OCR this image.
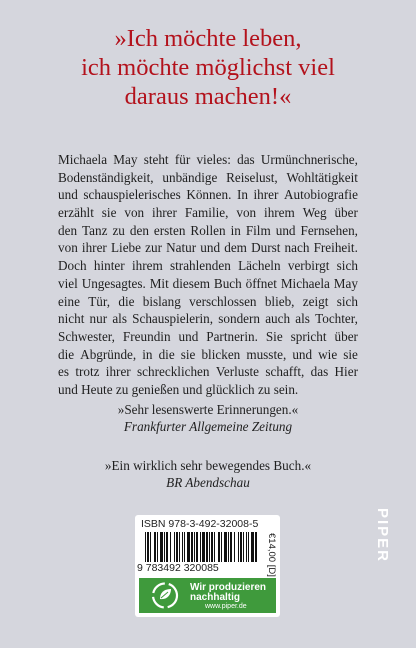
»Ich möchte leben,
ich möchte möglichst viel
daraus machen!«
Michaela May steht für vieles: das Urmünchnerische,
Bodenständigkeit, unbändige Reiselust, Wohltätigkeit
und schauspielerisches Können. In ihrer Autobiografie
erzählt sie von ihrer Familie, von ihrem Weg über
den Tanz zu den ersten Rollen in Film und Fernsehen,
von ihrer Liebe zur Natur und dem Durst nach Freiheit.
Doch hinter ihrem strahlenden Lächeln verbirgt sich
viel Ungesagtes. Mit diesem Buch öffnet Michaela May
eine Tür, die bislang verschlossen blieb, zeigt sich
nicht nur als Schauspielerin, sondern auch als Tochter,
Schwester, Freundin und Partnerin. Sie spricht über
die Abgründe, in die sie blicken musste, und wie sie
es trotz ihrer schrecklichen Verluste schafft, das Hier
und Heute zu genießen und glücklich zu sein.
»Sehr lesenswerte Erinnerungen.«
Frankfurter Allgemeine Zeitung
»Ein wirklich sehr bewegendes Buch.«
BR Abendschau
PIPER
ISBN 978-3-492-32008-5
9 783492 320085	€14,00 [D]
Wir produzieren
nachhaltig
www.piper.de
